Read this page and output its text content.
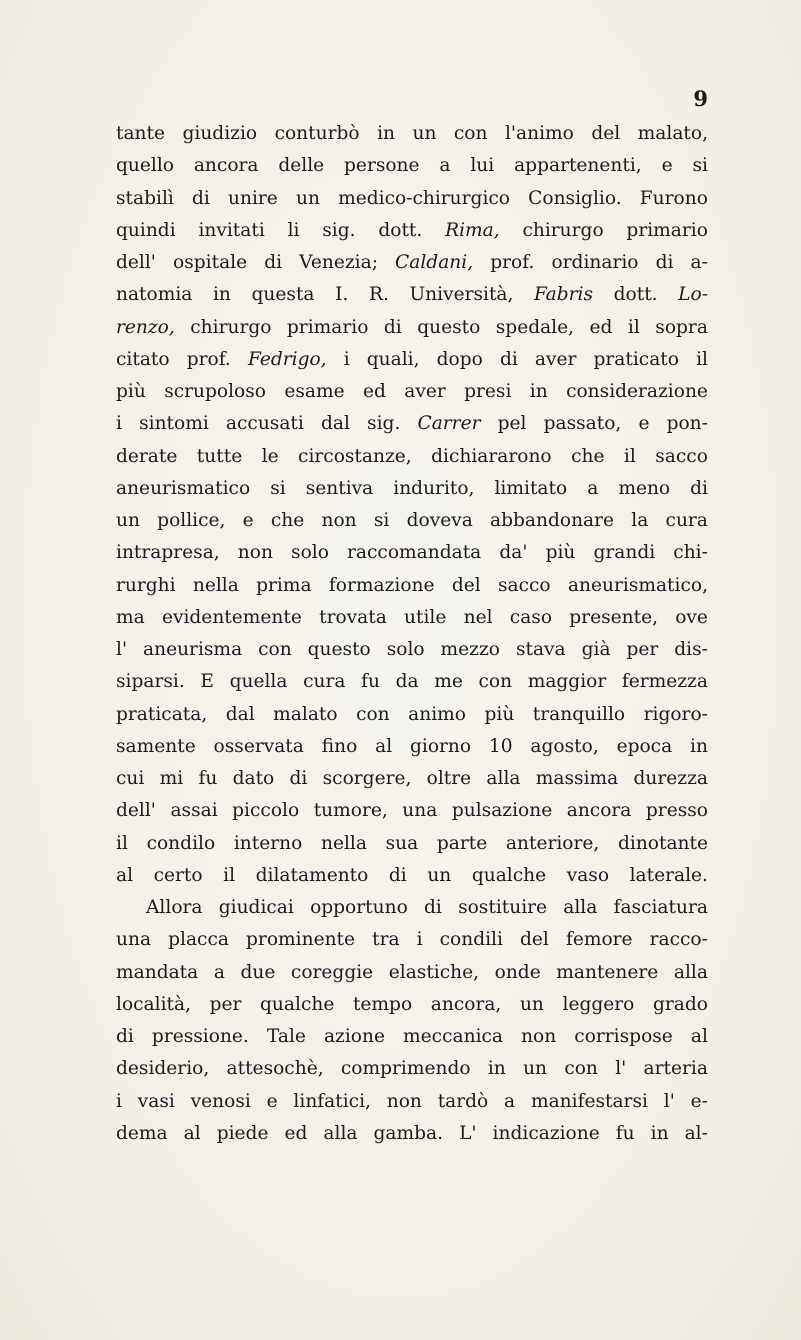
9
tante giudizio conturbò in un con l'animo del malato,
quello ancora delle persone a lui appartenenti, e si
stabilì di unire un medico-chirurgico Consiglio. Furono
quindi invitati li sig. dott. Rima, chirurgo primario
dell' ospitale di Venezia; Caldani, prof. ordinario di a-
natomia in questa I. R. Università, Fabris dott. Lo-
renzo, chirurgo primario di questo spedale, ed il sopra
citato prof. Fedrigo, i quali, dopo di aver praticato il
più scrupoloso esame ed aver presi in considerazione
i sintomi accusati dal sig. Carrer pel passato, e pon-
derate tutte le circostanze, dichiararono che il sacco
aneurismatico si sentiva indurito, limitato a meno di
un pollice, e che non si doveva abbandonare la cura
intrapresa, non solo raccomandata da' più grandi chi-
rurghi nella prima formazione del sacco aneurismatico,
ma evidentemente trovata utile nel caso presente, ove
l' aneurisma con questo solo mezzo stava già per dis-
siparsi. E quella cura fu da me con maggior fermezza
praticata, dal malato con animo più tranquillo rigoro-
samente osservata fino al giorno 10 agosto, epoca in
cui mi fu dato di scorgere, oltre alla massima durezza
dell' assai piccolo tumore, una pulsazione ancora presso
il condilo interno nella sua parte anteriore, dinotante
al certo il dilatamento di un qualche vaso laterale.
Allora giudicai opportuno di sostituire alla fasciatura
una placca prominente tra i condili del femore racco-
mandata a due coreggie elastiche, onde mantenere alla
località, per qualche tempo ancora, un leggero grado
di pressione. Tale azione meccanica non corrispose al
desiderio, attesochè, comprimendo in un con l' arteria
i vasi venosi e linfatici, non tardò a manifestarsi l' e-
dema al piede ed alla gamba. L' indicazione fu in al-
